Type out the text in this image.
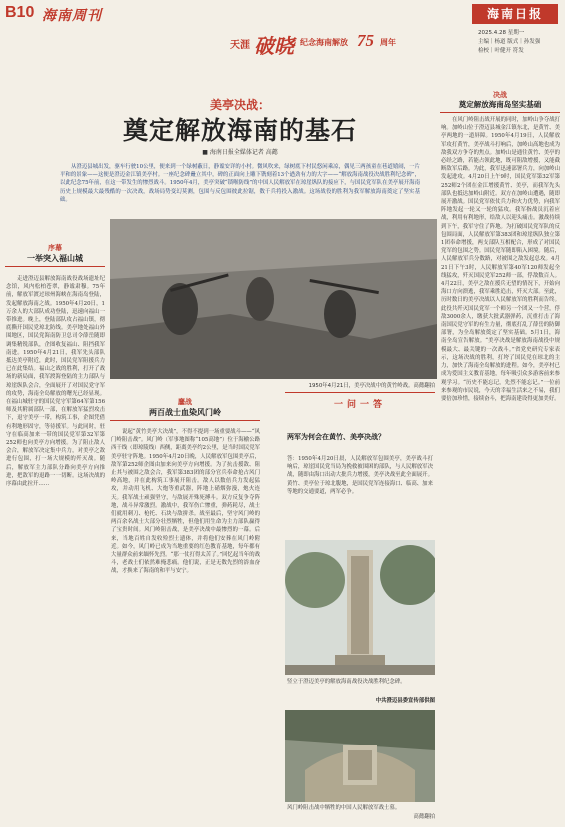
B10 海南周刊
天涯 破晓 纪念海南解放 75 周年
海南日报
2025.4.28 星期一
主编｜杨道 版式｜孙发强
检校｜叶健开 符发
美亭决战：
奠定解放海南的基石
■ 海南日报全媒体记者 高懿
从澄迈县城出发，驱车行驶10公里，便来到一个绿树蔽日，静谧安详的小村。微风吹来，绿树底下村民悠闲乘凉，偶见三两孩童在巷道嬉闹，一片平和的景象——这便是澄迈金江镇美亭村。一座纪念碑矗立其中，碑的正面向上雕下镌刻着13个遒劲有力的大字——“解放海南战役决战胜利纪念碑”，以此纪念75年前，在这一带发生的惨烈战斗。1950年4月，美亭突破“锁喉防线”的中国人民解放军在琼崖纵队的接应下，与国民党军队在美亭展开海南历史上规模最大最残酷的一次决战，战场局势变幻莫测，包围与反包围彼此拉锯，数千兵将投入激战。这场战役的胜利为我军解放海南奠定了坚实基础。
决战
奠定解放海南岛坚实基础
在风门岭阻击战开展的同时，加岭山争夺战打响。加岭山位于澄迈县城金江镇东北，是黄竹、美亭两地的一道屏障。1950年4月19日，人民解放军攻打黄竹，美亭战斗打响后，加岭山高地也成为敌我双方争夺的焦点。加岭山是通往黄竹、美亭的必经之路，若能占领此地，既可阻敌增援，又能截断敌军后路。为此，我军迅速部署兵力，向加岭山发起进攻。4月20日上午9时，国民党军第32军第252师2个团在金江增援黄竹、美亭，而我军先头部队也抵达加岭山附近。双方在加岭山遭遇，随即展开激战。国民党军依仗兵力和火力优势，向我军阵地发起一轮又一轮的猛攻。我军指战员沉着应战，利用有利地形，给敌人以迎头痛击。激战持续到下午，我军守住了阵地。为打破国民党军队的反包围局面，人民解放军第383团和琼崖纵队独立第1团奉命增援，两支部队互相配合，形成了对国民党军的包围之势。国民党军随即陷入困境。随后，人民解放军兵分数路，对被围之敌发起总攻。4月21日下午3时，人民解放军第40军120师发起全线猛攻，歼灭国民党军252师一部，俘敌数百人。4月22日，美亭之敌在援兵无望的情况下，开始向海口方向溃逃，我军乘胜追击，歼灭大部。至此，历时数日的美亭决战以人民解放军的胜利而告终。此役共歼灭国民党军一个师另一个团又一个营，俘敌3000余人，缴获大批武器弹药，沉重打击了海南国民党守军的有生力量，彻底打乱了薛岳的防御部署，为全岛解放奠定了坚实基础。5月1日，海南全岛宣告解放。“美亭决战是解放海南战役中规模最大、最关键的一次战斗。”省党史研究专家表示，这场决战的胜利，打垮了国民党在琼北的主力，加快了海南全岛解放的进程。如今，美亭村已成为爱国主义教育基地，每年吸引众多游客前来参观学习。“历史不能忘记，先烈不能忘记。”一位前来参观的市民说，今天的幸福生活来之不易，我们要倍加珍惜，接续奋斗，把海南建设得更加美好。
序幕
一举突入福山城
走进澄迈县解放海南战役战场遗址纪念馆，风内松柏苍翠，静谧肃穆。75年前，解放军渡过琼州海峡在海南岛登陆，发起解放海南之战。1950年4月20日，1万余人的大部队成功登陆，迅速向福山一带推进。晚上，登陆部队攻占福山镇，彻底撕开国民党琼北防线。美亭地处福山外围地区，国民党海南防卫总司令薛岳随即调集精锐部队，企图收复福山、阻挡我军南进。1950年4月21日，我军先头部队抵达美亭附近，此时，国民党军阻援兵力已在此集结。福山之战的胜利，打开了战场的新局面，我军渡海登陆的主力部队与琼崖纵队会合，全面展开了对国民党守军的攻势，海南全岛解放的曙光已经显现。在福山城驻守的国民党守军第64军第156师及其附属部队一部，在解放军猛烈攻击下，退守美亭一带，构筑工事，企图凭借有利地形固守，等待援军。与此同时，驻守在临高加来一带的国民党军第32军第252师也向美亭方向增援。为了阻止敌人会合，解放军决定集中兵力，对美亭之敌进行包围，打一场大规模的歼灭战。随后，解放军主力部队分路向美亭方向推进，把敌军的退路一一切断。这场决战的序幕由此拉开……
1950年4月21日，美亭决战中的黄竹岭战。高懿翻拍
鏖战
两百战士血染风门岭
说起“黄竹美亭大决战”，不得不提到一场重要战斗——“风门岭阻击战”。风门岭（军事地图称“105高地”）位于海榆公路西干线（即琼陵线）西侧，距离美亭约2公里，是当时国民党军美亭驻守阵地。1950年4月20日晚，人民解放军包围美亭后，敌军第252师企图由加来向美亭方向增援。为了抗击援敌、阻止其与被围之敌会合，我军第383团的部分官兵奉命抢占风门岭高地，并在此构筑工事展开阻击。敌人以数倍兵力发起猛攻，并动用飞机、大炮等重武器，阵地上硝烟弥漫，炮火连天。我军战士顽强坚守，与敌展开殊死搏斗。双方反复争夺阵地，战斗异常激烈。激战中，我军伤亡惨重，弹药耗尽，战士们就用刺刀、枪托、石块与敌拼杀。战至最后，坚守风门岭的两百余名战士大部分壮烈牺牲，但他们用生命为主力部队赢得了宝贵时间。风门岭阻击战，是美亭决战中最惨烈的一幕。后来，当地百姓自发收殓烈士遗体，并将他们安葬在风门岭附近。如今，风门岭已成为当地重要的红色教育基地，每年都有大量群众前来缅怀先烈。“那一仗打得太苦了。”回忆起当年的战斗，老战士们依然难掩悲痛。他们说，正是无数先烈的浴血奋战，才换来了海南的和平与安宁。
一问一答
两军为何会在黄竹、美亭决战？
答：1950年4月20日晨，人民解放军包围美亭，美亭战斗打响后，琼崖国民党当局为挽救被围困的部队，与人民解放军决战，随即由海口出动大批兵力增援，美亭决战至此全面展开。黄竹、美亭位于琼北腹地，是国民党军连接海口、临高、加来等地的交通要道，两军必争。
竖立于澄迈美亭的解放海南战役决战胜利纪念碑。
中共澄迈县委宣传部供图
风门岭阻击战中牺牲的中国人民解放军战士墓。
高懿翻拍
